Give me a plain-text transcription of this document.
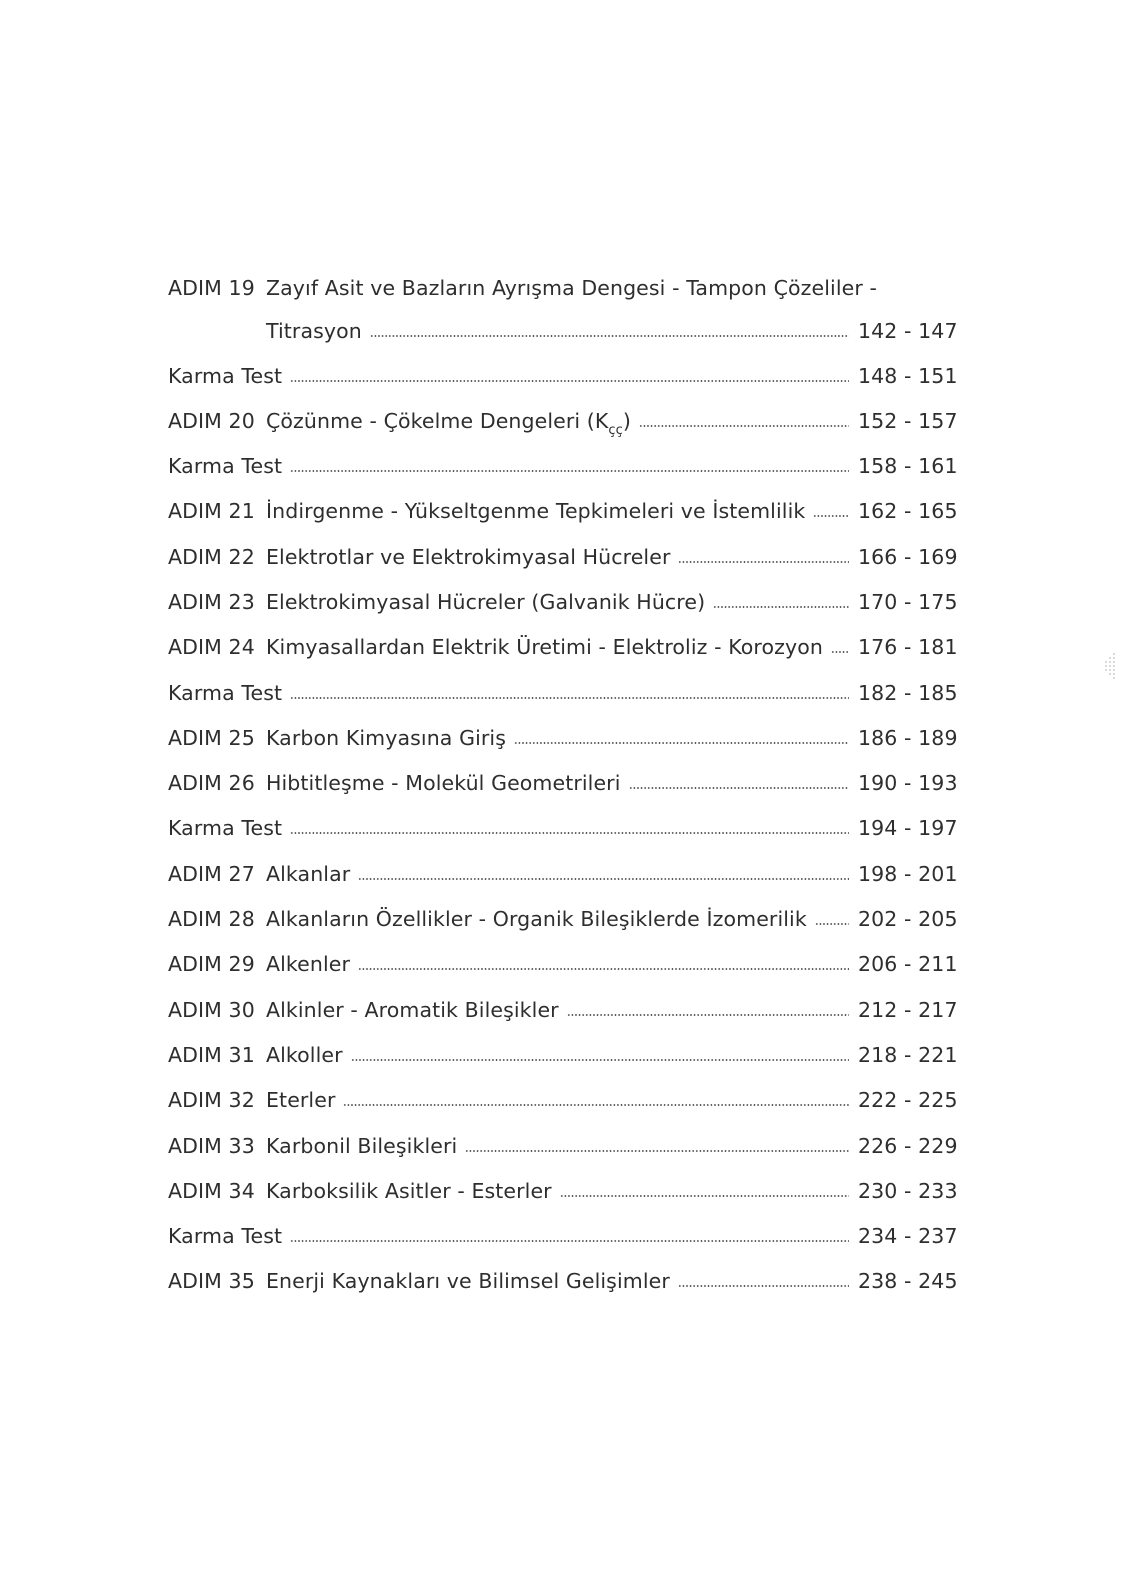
ADIM 19 Zayıf Asit ve Bazların Ayrışma Dengesi - Tampon Çözeliler -
Titrasyon	142 - 147
Karma Test	148 - 151
ADIM 20 Çözünme - Çökelme Dengeleri $(K_{çç})$	152 - 157
Karma Test	158 - 161
ADIM 21 İndirgenme - Yükseltgenme Tepkimeleri ve İstemlilik	162 - 165
ADIM 22 Elektrotlar ve Elektrokimyasal Hücreler	166 - 169
ADIM 23 Elektrokimyasal Hücreler (Galvanik Hücre)	170 - 175
ADIM 24 Kimyasallardan Elektrik Üretimi - Elektroliz - Korozyon 176 - 181
Karma Test	182 - 185
ADIM 25 Karbon Kimyasına Giriş	186 - 189
ADIM 26 Hibtitleşme - Molekül Geometrileri	190 - 193
Karma Test	194 - 197
ADIM 27 Alkanlar	198 - 201
ADIM 28 Alkanların Özellikler - Organik Bileşiklerde İzomerilik 202 - 205
ADIM 29 Alkenler	206 - 211
ADIM 30 Alkinler - Aromatik Bileşikler	212 - 217
ADIM 31 Alkoller	218 - 221
ADIM 32 Eterler	222 - 225
ADIM 33 Karbonil Bileşikleri	226 - 229
ADIM 34 Karboksilik Asitler - Esterler	230 - 233
Karma Test	234 - 237
ADIM 35 Enerji Kaynakları ve Bilimsel Gelişimler	238 - 245
